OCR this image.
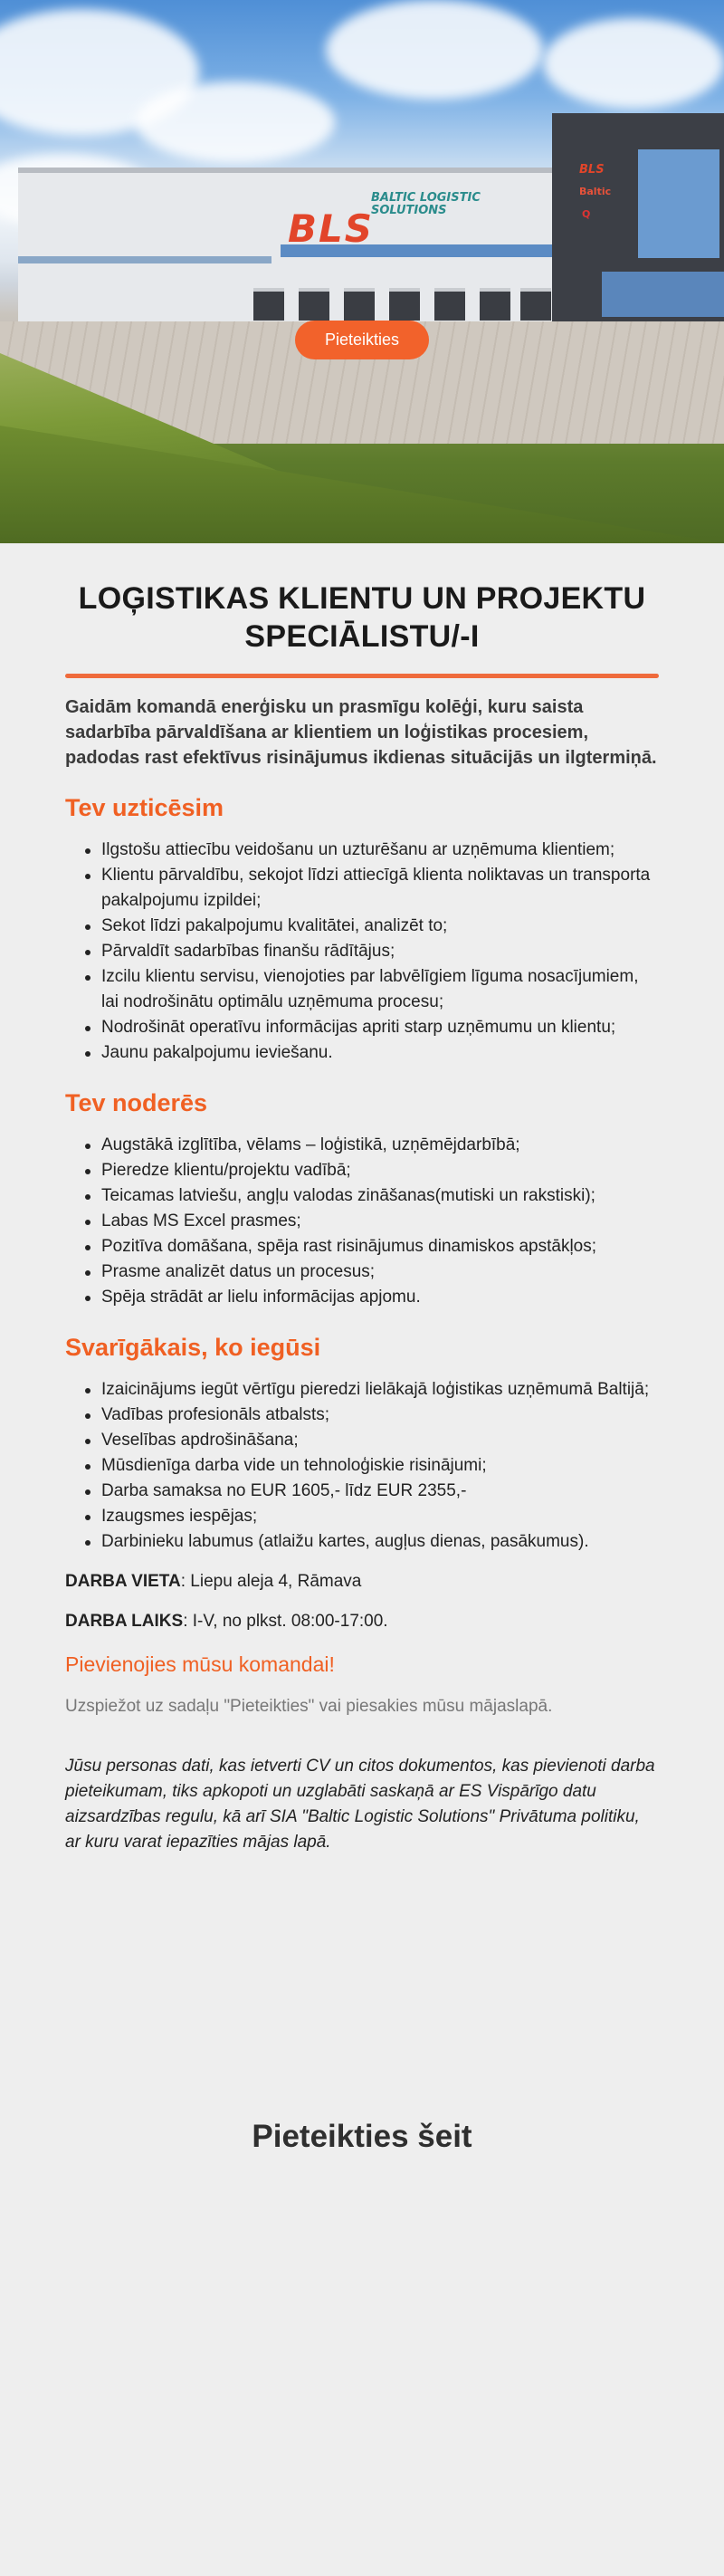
BLS
Baltic
Q
BLS
BALTIC LOGISTIC
SOLUTIONS
Pieteikties
LOĢISTIKAS KLIENTU UN PROJEKTU SPECIĀLISTU/-I

Gaidām komandā enerģisku un prasmīgu kolēģi, kuru saista sadarbība pārvaldīšana ar klientiem un loģistikas procesiem, padodas rast efektīvus risinājumus ikdienas situācijās un ilgtermiņā.

Tev uzticēsim
Ilgstošu attiecību veidošanu un uzturēšanu ar uzņēmuma klientiem;
Klientu pārvaldību, sekojot līdzi attiecīgā klienta noliktavas un transporta pakalpojumu izpildei;
Sekot līdzi pakalpojumu kvalitātei, analizēt to;
Pārvaldīt sadarbības finanšu rādītājus;
Izcilu klientu servisu, vienojoties par labvēlīgiem līguma nosacījumiem, lai nodrošinātu optimālu uzņēmuma procesu;
Nodrošināt operatīvu informācijas apriti starp uzņēmumu un klientu;
Jaunu pakalpojumu ieviešanu.
Tev noderēs
Augstākā izglītība, vēlams – loģistikā, uzņēmējdarbībā;
Pieredze klientu/projektu vadībā;
Teicamas latviešu, angļu valodas zināšanas(mutiski un rakstiski);
Labas MS Excel prasmes;
Pozitīva domāšana, spēja rast risinājumus dinamiskos apstākļos;
Prasme analizēt datus un procesus;
Spēja strādāt ar lielu informācijas apjomu.
Svarīgākais, ko iegūsi
Izaicinājums iegūt vērtīgu pieredzi lielākajā loģistikas uzņēmumā Baltijā;
Vadības profesionāls atbalsts;
Veselības apdrošināšana;
Mūsdienīga darba vide un tehnoloģiskie risinājumi;
Darba samaksa no EUR 1605,- līdz EUR 2355,-
Izaugsmes iespējas;
Darbinieku labumus (atlaižu kartes, augļus dienas, pasākumus).

DARBA VIETA: Liepu aleja 4, Rāmava

DARBA LAIKS: I-V, no plkst. 08:00-17:00.

Pievienojies mūsu komandai!

Uzspiežot uz sadaļu "Pieteikties" vai piesakies mūsu mājaslapā.

Jūsu personas dati, kas ietverti CV un citos dokumentos, kas pievienoti darba pieteikumam, tiks apkopoti un uzglabāti saskaņā ar ES Vispārīgo datu aizsardzības regulu, kā arī SIA "Baltic Logistic Solutions" Privātuma politiku, ar kuru varat iepazīties mājas lapā.

Pieteikties šeit
